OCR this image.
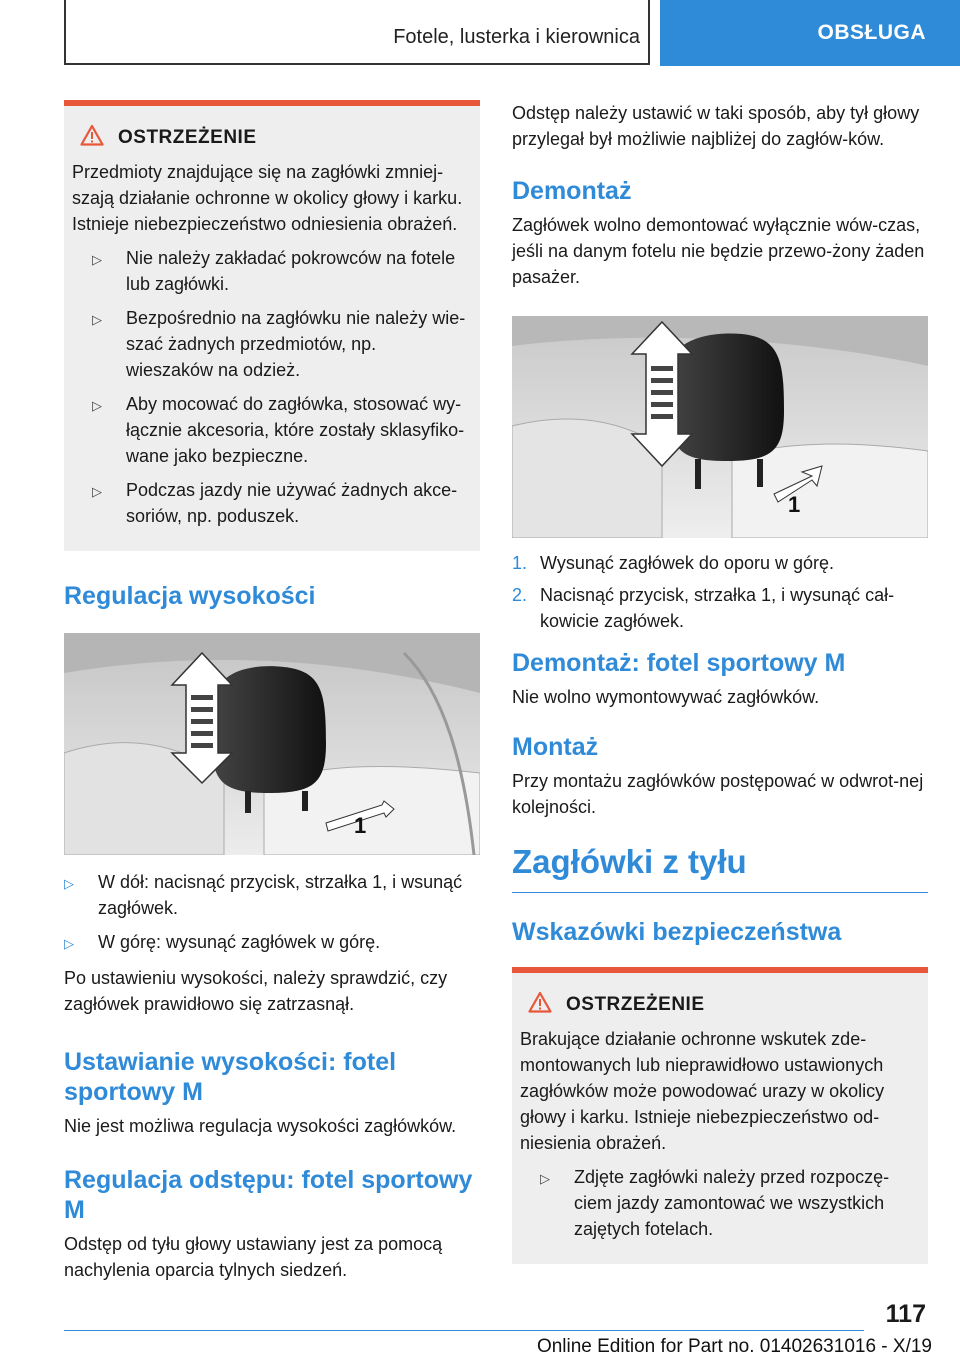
Fotele, lusterka i kierownica	OBSŁUGA
OSTRZEŻENIE
Przedmioty znajdujące się na zagłówki zmniej-szają działanie ochronne w okolicy głowy i karku. Istnieje niebezpieczeństwo odniesienia obrażeń.
▷	Nie należy zakładać pokrowców na fotele lub zagłówki.
▷	Bezpośrednio na zagłówku nie należy wie-szać żadnych przedmiotów, np. wieszaków na odzież.
▷	Aby mocować do zagłówka, stosować wy-łącznie akcesoria, które zostały sklasyfiko-wane jako bezpieczne.
▷	Podczas jazdy nie używać żadnych akce-soriów, np. poduszek.
Regulacja wysokości
1
▷	W dół: nacisnąć przycisk, strzałka 1, i wsunąć zagłówek.
▷	W górę: wysunąć zagłówek w górę.

Po ustawieniu wysokości, należy sprawdzić, czy zagłówek prawidłowo się zatrzasnął.

Ustawianie wysokości: fotel sportowy M

Nie jest możliwa regulacja wysokości zagłówków.

Regulacja odstępu: fotel sportowy M

Odstęp od tyłu głowy ustawiany jest za pomocą nachylenia oparcia tylnych siedzeń.

Odstęp należy ustawić w taki sposób, aby tył głowy przylegał był możliwie najbliżej do zagłów-ków.

Demontaż

Zagłówek wolno demontować wyłącznie wów-czas, jeśli na danym fotelu nie będzie przewo-żony żaden pasażer.

1
1. Wysunąć zagłówek do oporu w górę.
2. Nacisnąć przycisk, strzałka 1, i wysunąć cał-kowicie zagłówek.
Demontaż: fotel sportowy M

Nie wolno wymontowywać zagłówków.

Montaż

Przy montażu zagłówków postępować w odwrot-nej kolejności.

Zagłówki z tyłu
Wskazówki bezpieczeństwa
OSTRZEŻENIE
Brakujące działanie ochronne wskutek zde-montowanych lub nieprawidłowo ustawionych zagłówków może powodować urazy w okolicy głowy i karku. Istnieje niebezpieczeństwo od-niesienia obrażeń.
▷	Zdjęte zagłówki należy przed rozpoczę-ciem jazdy zamontować we wszystkich zajętych fotelach.
117
Online Edition for Part no. 01402631016 - X/19
